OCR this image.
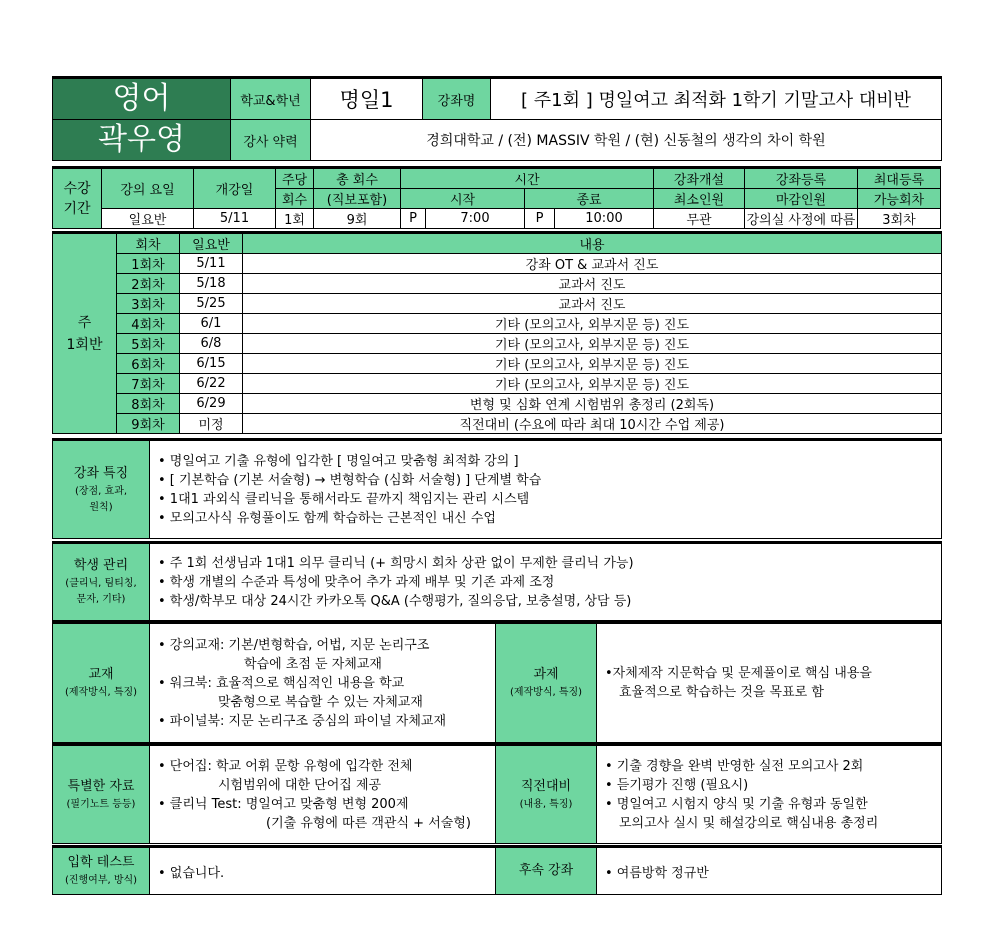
영어	학교&학년	명일1	강좌명	[ 주1회 ] 명일여고 최적화 1학기 기말고사 대비반
곽우영	강사 약력	경희대학교 / (전) MASSIV 학원 / (현) 신동철의 생각의 차이 학원		
수강
기간	강의 요일	개강일	주당	총 회수	시간				강좌개설	강좌등록	최대등록
			회수	(직보포함)	시작		종료		최소인원	마감인원	가능회차
	일요반	5/11	1회	9회	P	7:00	P	10:00	무관	강의실 사정에 따름	3회차
주
1회반	회차	일요반	내용
	1회차	5/11	강좌 OT & 교과서 진도
	2회차	5/18	교과서 진도
	3회차	5/25	교과서 진도
	4회차	6/1	기타 (모의고사, 외부지문 등) 진도
	5회차	6/8	기타 (모의고사, 외부지문 등) 진도
	6회차	6/15	기타 (모의고사, 외부지문 등) 진도
	7회차	6/22	기타 (모의고사, 외부지문 등) 진도
	8회차	6/29	변형 및 심화 연계 시험범위 총정리 (2회독)
	9회차	미정	직전대비 (수요에 따라 최대 10시간 수업 제공)
강좌 특징
(장점, 효과,
원칙)

• 명일여고 기출 유형에 입각한 [ 명일여고 맞춤형 최적화 강의 ]
• [ 기본학습 (기본 서술형) → 변형학습 (심화 서술형) ] 단계별 학습
• 1대1 과외식 클리닉을 통해서라도 끝까지 책임지는 관리 시스템
• 모의고사식 유형풀이도 함께 학습하는 근본적인 내신 수업
학생 관리
(클리닉, 팀티칭,
문자, 기타)

• 주 1회 선생님과 1대1 의무 클리닉 (+ 희망시 회차 상관 없이 무제한 클리닉 가능)
• 학생 개별의 수준과 특성에 맞추어 추가 과제 배부 및 기존 과제 조정
• 학생/학부모 대상 24시간 카카오톡 Q&A (수행평가, 질의응답, 보충설명, 상담 등)
교재
(제작방식, 특징)

• 강의교재: 기본/변형학습, 어법, 지문 논리구조
학습에 초점 둔 자체교재
• 워크북: 효율적으로 핵심적인 내용을 학교
맞춤형으로 복습할 수 있는 자체교재
• 파이널북: 지문 논리구조 중심의 파이널 자체교재
	과제
(제작방식, 특징)

•자체제작 지문학습 및 문제풀이로 핵심 내용을
효율적으로 학습하는 것을 목표로 함
특별한 자료
(필기노트 등등)

• 단어집: 학교 어휘 문항 유형에 입각한 전체
시험범위에 대한 단어집 제공
• 클리닉 Test: 명일여고 맞춤형 변형 200제
(기출 유형에 따른 객관식 + 서술형)
	직전대비
(내용, 특징)

• 기출 경향을 완벽 반영한 실전 모의고사 2회
• 듣기평가 진행 (필요시)
• 명일여고 시험지 양식 및 기출 유형과 동일한
모의고사 실시 및 해설강의로 핵심내용 총정리
입학 테스트
(진행여부, 방식)	• 없습니다.	후속 강좌	• 여름방학 정규반
